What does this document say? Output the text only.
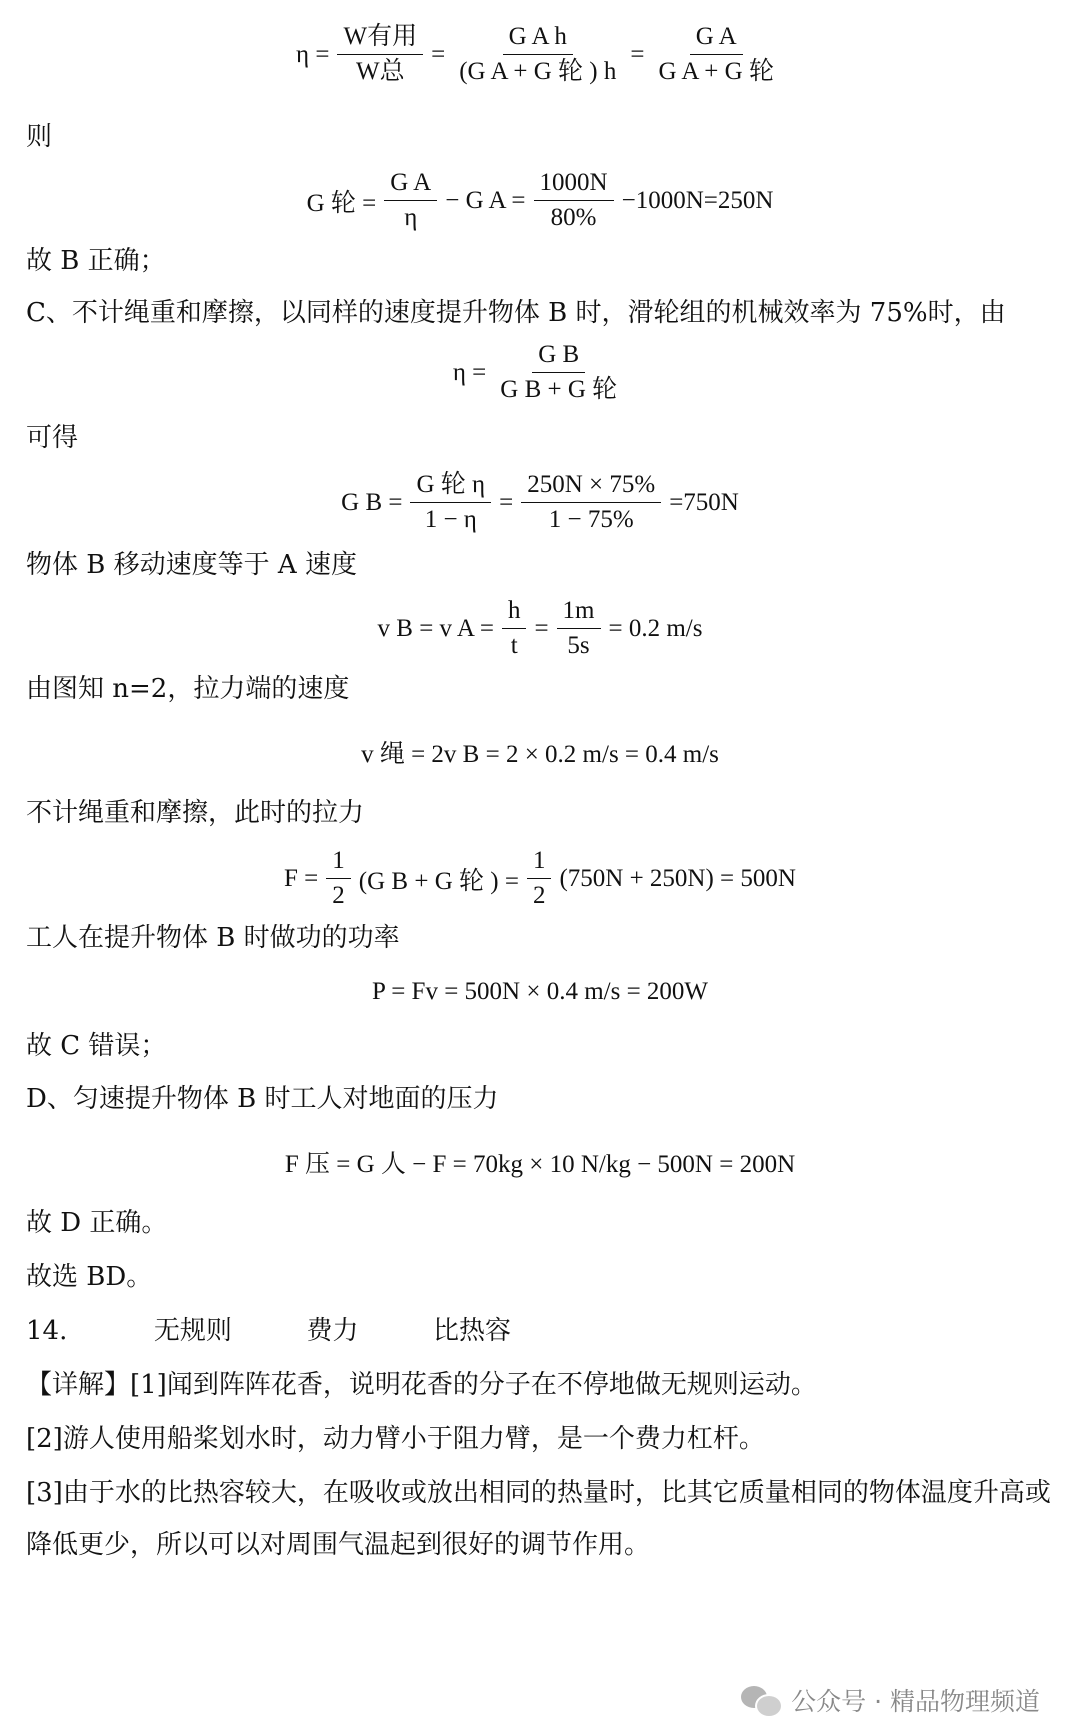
$\eta = \frac{\text{W有用}}{\text{W总}} = \frac{\text{G A h}}{\text{(G A + G 轮 ) h}} = \frac{\text{G A}}{\text{G A + G 轮}}$
则
G 轮 = $\frac{\text{G A}}{\eta} - G$ $A = \frac{1000N}{80\%} -1000N=250N$
故 B 正确；
C、不计绳重和摩擦，以同样的速度提升物体 B 时，滑轮组的机械效率为 75%时，由
$\eta = \frac{\text{G B}}{\text{G B + G 轮}}$
可得
G $B = \frac{\text{G 轮 η}}{1 - \eta} = \frac{250N \times 75\%}{1 - 75\%} =750N$
物体 B 移动速度等于 A 速度
v B = v $A = \frac{h}{t} = \frac{1m}{5s} = 0.2$ m/s
由图知 n=2，拉力端的速度
v 绳 = 2v B = 2 × 0.2 m/s = 0.4 m/s
不计绳重和摩擦，此时的拉力
$F = \frac{1}{2} (G$ B + G 轮 ) = $\frac{1}{2} (750N + 250N) = 500N$
工人在提升物体 B 时做功的功率
P = Fv = 500N × 0.4 m/s = 200W
故 C 错误；
D、匀速提升物体 B 时工人对地面的压力
F 压 = G 人 − F = 70kg × 10 N/kg − 500N = 200N
故 D 正确。
故选 BD。
14.	无规则	费力	比热容
【详解】[1]闻到阵阵花香，说明花香的分子在不停地做无规则运动。
[2]游人使用船桨划水时，动力臂小于阻力臂，是一个费力杠杆。
[3]由于水的比热容较大，在吸收或放出相同的热量时，比其它质量相同的物体温度升高或
降低更少，所以可以对周围气温起到很好的调节作用。
公众号 · 精品物理频道
